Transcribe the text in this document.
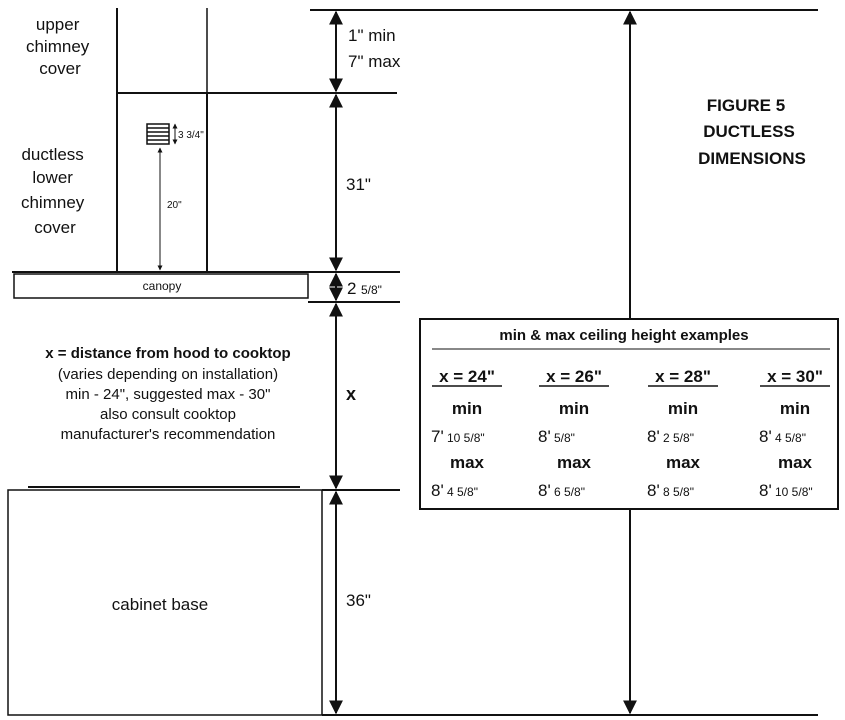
upper chimney cover
ductless lower chimney cover
3 3/4"
20"
canopy
cabinet base
x = distance from hood to cooktop
(varies depending on installation)
min - 24", suggested max - 30"
also consult cooktop
manufacturer's recommendation
1" min
7" max
31"
2 5/8"
x
36"
FIGURE 5
DUCTLESS
DIMENSIONS
min & max ceiling height examples
x = 24"
min
7' 10 5/8"
max
8' 4 5/8"
x = 26"
min
8' 5/8"
max
8' 6 5/8"
x = 28"
min
8' 2 5/8"
max
8' 8 5/8"
x = 30"
min
8' 4 5/8"
max
8' 10 5/8"
